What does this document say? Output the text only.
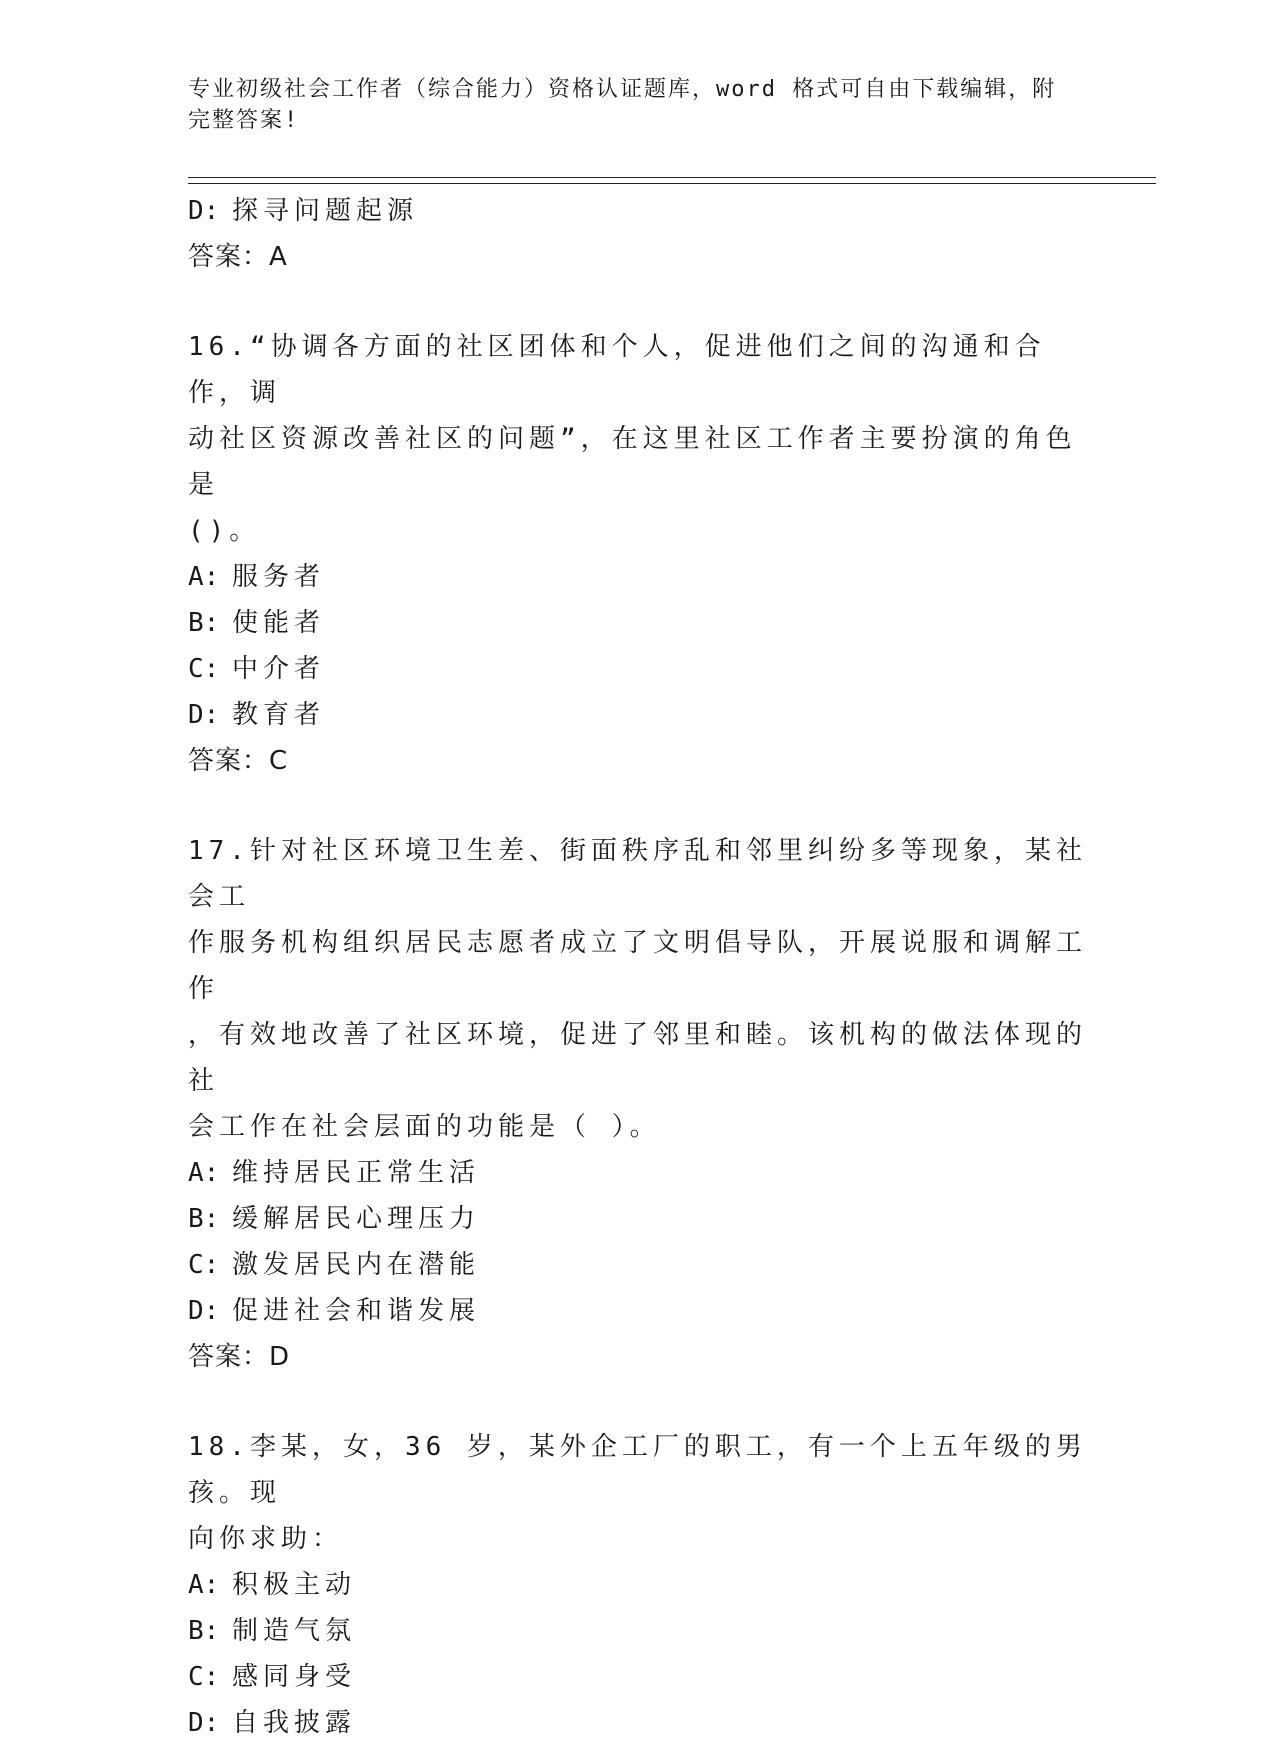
专业初级社会工作者（综合能力）资格认证题库，word 格式可自由下载编辑，附
完整答案!
D: 探寻问题起源
答案：A
16.“协调各方面的社区团体和个人，促进他们之间的沟通和合作，调
动社区资源改善社区的问题”，在这里社区工作者主要扮演的角色是
()。
A: 服务者
B: 使能者
C: 中介者
D: 教育者
答案：C
17.针对社区环境卫生差、街面秩序乱和邻里纠纷多等现象，某社会工
作服务机构组织居民志愿者成立了文明倡导队，开展说服和调解工作
，有效地改善了社区环境，促进了邻里和睦。该机构的做法体现的社
会工作在社会层面的功能是（ ）。
A: 维持居民正常生活
B: 缓解居民心理压力
C: 激发居民内在潜能
D: 促进社会和谐发展
答案：D
18.李某，女，36 岁，某外企工厂的职工，有一个上五年级的男孩。现
向你求助：
A: 积极主动
B: 制造气氛
C: 感同身受
D: 自我披露
